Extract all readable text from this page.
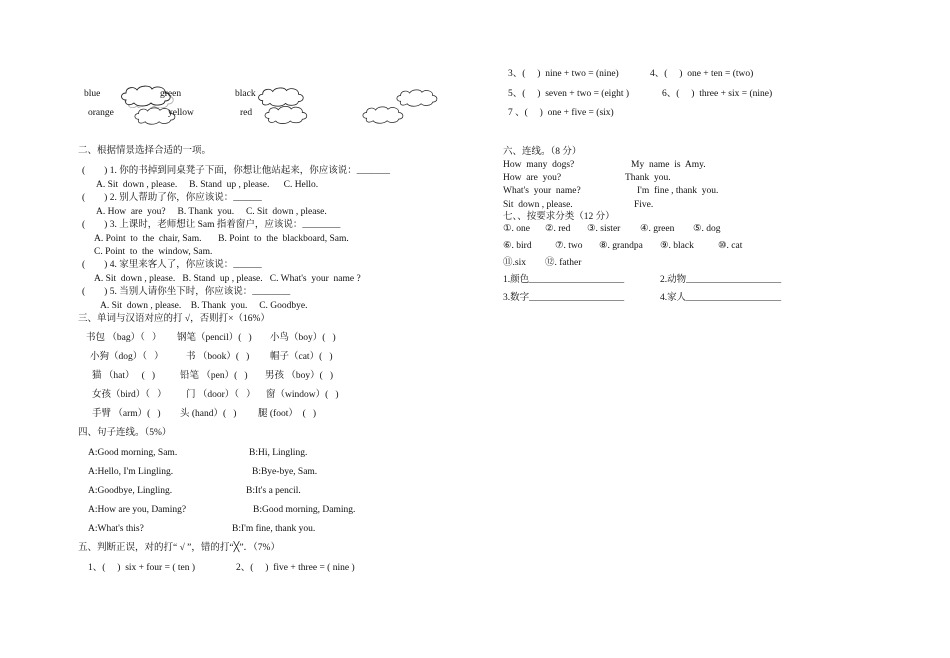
blue	green	black
orange	yellow	red
二、根据情景选择合适的一项。
(　　) 1. 你的书掉到同桌凳子下面，你想让他站起来，你应该说：_______
A. Sit  down , please.     B. Stand  up , please.      C. Hello.
(　　) 2. 别人帮助了你，你应该说：______
A. How  are  you?     B. Thank  you.     C. Sit  down , please.
(　　) 3. 上课时，老师想让 Sam 指着窗户，应该说：________
A. Point  to  the  chair, Sam.       B. Point  to  the  blackboard, Sam.
C. Point  to  the  window, Sam.
(　　) 4. 家里来客人了，你应该说：______
A. Sit  down , please.   B. Stand  up , please.   C. What's  your  name ?
(　　) 5. 当别人请你坐下时，你应该说：________
A. Sit  down , please.    B. Thank  you.     C. Goodbye.
三、单词与汉语对应的打 √，否则打×（16%）
书包 （bag）（   ） 钢笔（pencil）(   ) 小鸟（boy）(   )
小狗（dog）（   ） 书 （book）(   ) 帽子（cat）(   )
猫 （hat）   (   )	铅笔 （pen）(   ) 男孩 （boy）(   )
女孩（bird）（   ） 门 （door）（   ） 窗（window）(   )
手臂 （arm）(   ) 头 (hand）(   ) 腿 (foot）  (   )
四、句子连线。（5%）
A:Good morning, Sam.	B:Hi, Lingling.
A:Hello, I'm Lingling.	B:Bye-bye, Sam.
A:Goodbye, Lingling.	B:It's a pencil.
A:How are you, Daming?	B:Good morning, Daming.
A:What's this?	B:I'm fine, thank you.
五、判断正误，对的打“ √ ”，错的打“╳”．（7%）
1、(     )  six + four = ( ten )	2、(     )  five + three = ( nine )
3、(     )  nine + two = (nine)	4、(     )  one + ten = (two)
5、(     )  seven + two = (eight )	6、(     )  three + six = (nine)
7 、(     )  one + five = (six)
六、连线。（8 分）
How  many  dogs?	My  name  is  Amy.
How  are  you?	Thank  you.
What's  your  name?	I'm  fine , thank  you.
Sit  down , please.	Five.
七、、按要求分类（12 分）
①. one ②. red ③. sister ④. green ⑤. dog
⑥. bird ⑦. two ⑧. grandpa ⑨. black	⑩. cat
⑪.six ⑫. father
1.颜色____________________	2.动物____________________
3.数字____________________	4.家人____________________
